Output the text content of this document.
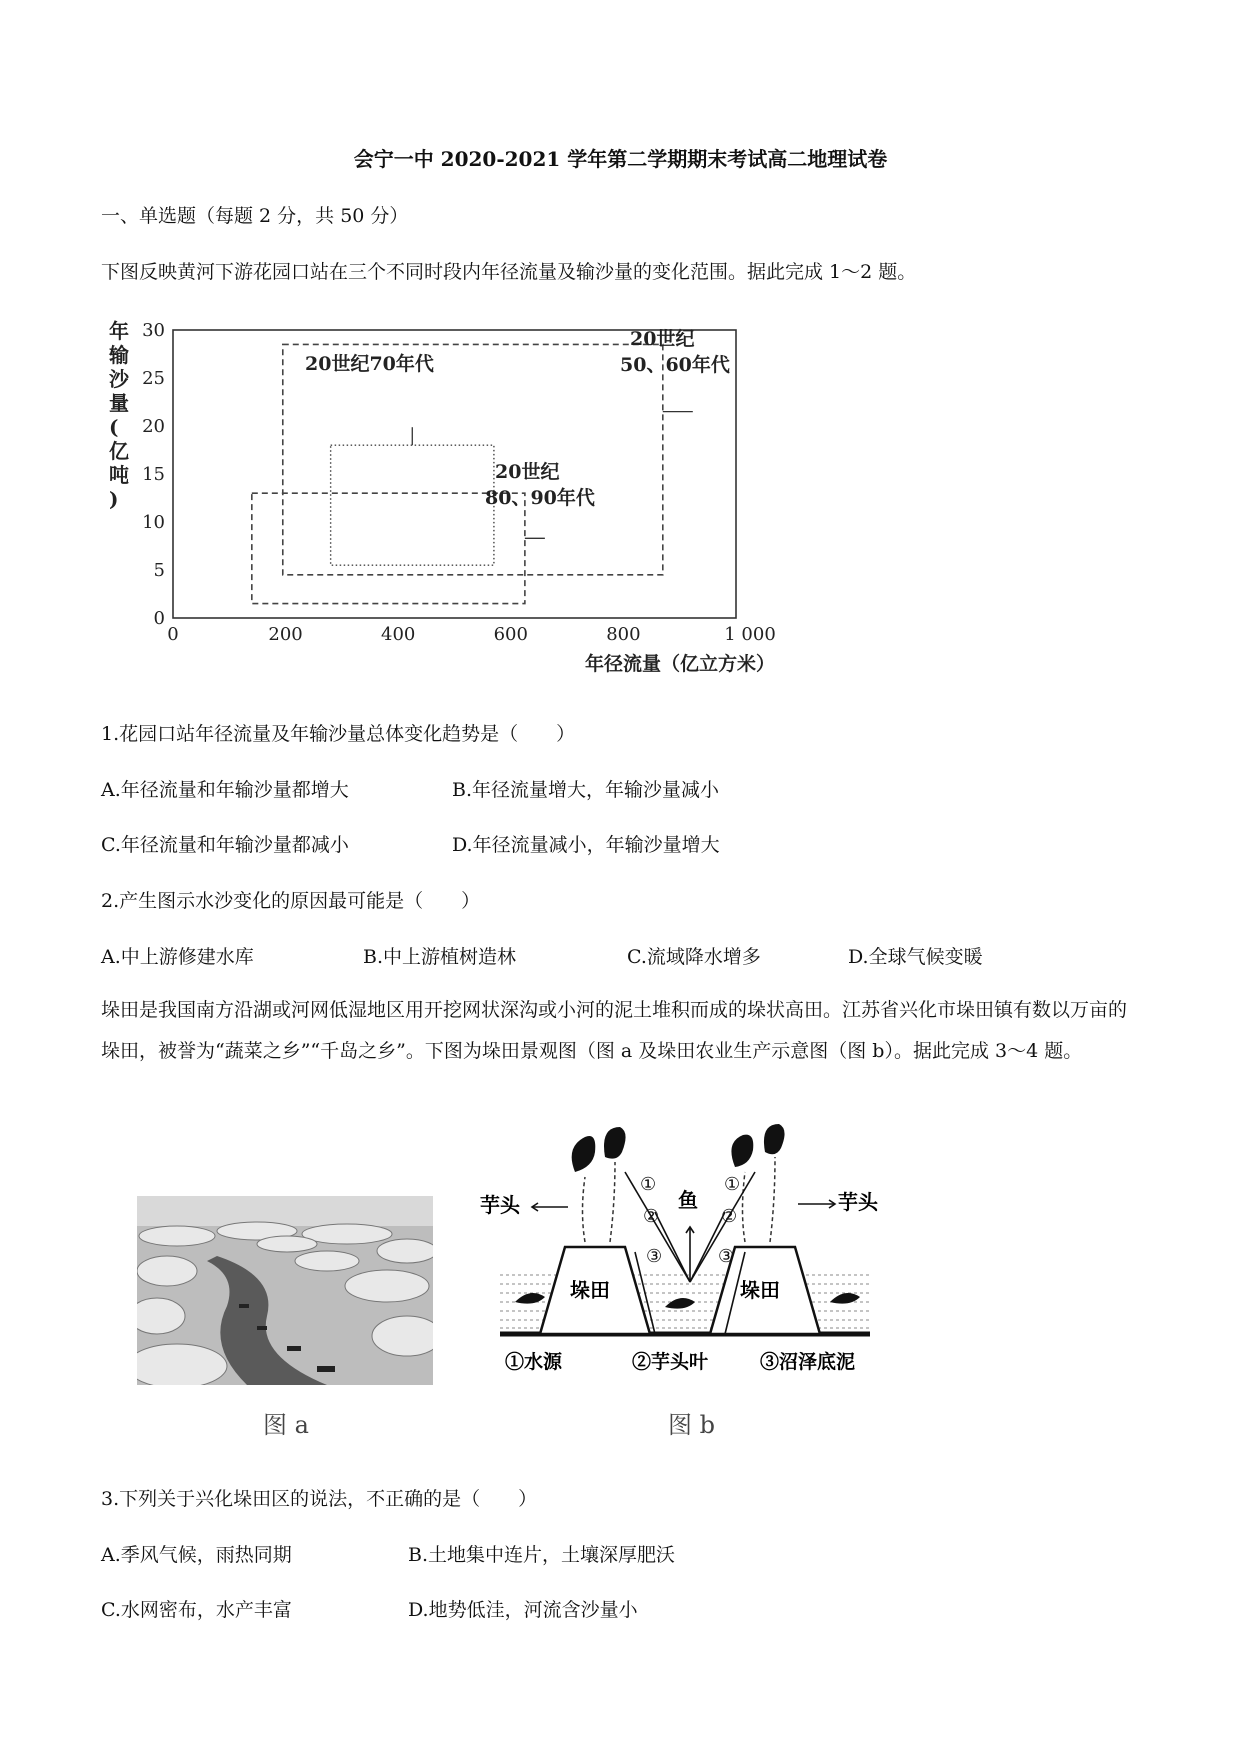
会宁一中 2020-2021 学年第二学期期末考试高二地理试卷
一、单选题（每题 2 分，共 50 分）
下图反映黄河下游花园口站在三个不同时段内年径流量及输沙量的变化范围。据此完成 1～2 题。
年
输
沙
量
(
亿
吨
)
0
5
10
15
20
25
30
0	200	400	600	800	1 000
20世纪
50、60年代
20世纪70年代
20世纪
80、90年代
年径流量（亿立方米）
1.花园口站年径流量及年输沙量总体变化趋势是（　　）
A.年径流量和年输沙量都增大	B.年径流量增大，年输沙量减小
C.年径流量和年输沙量都减小	D.年径流量减小，年输沙量增大
2.产生图示水沙变化的原因最可能是（　　）
A.中上游修建水库	B.中上游植树造林	C.流域降水增多	D.全球气候变暖
垛田是我国南方沿湖或河网低湿地区用开挖网状深沟或小河的泥土堆积而成的垛状高田。江苏省兴化市垛田镇有数以万亩的垛田，被誉为“蔬菜之乡”“千岛之乡”。下图为垛田景观图（图 a 及垛田农业生产示意图（图 b）。据此完成 3～4 题。
图 a
垛田	垛田
芋头	芋头
鱼
①
②
③
①
②
③
①水源	②芋头叶	③沼泽底泥
图 b
3.下列关于兴化垛田区的说法，不正确的是（　　）
A.季风气候，雨热同期	B.土地集中连片，土壤深厚肥沃
C.水网密布，水产丰富	D.地势低洼，河流含沙量小
